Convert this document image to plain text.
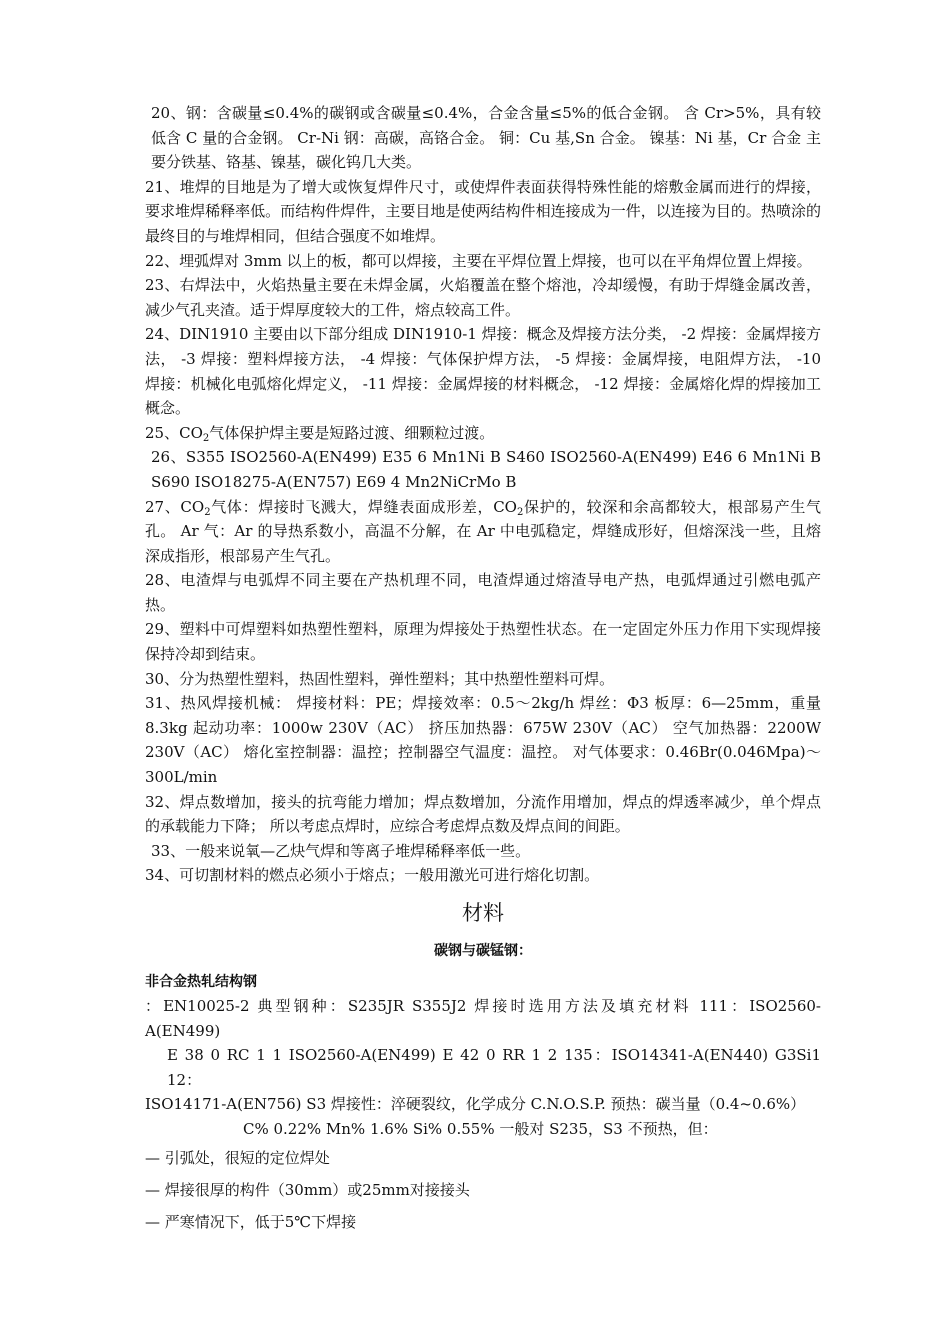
20、钢：含碳量≤0.4%的碳钢或含碳量≤0.4%，合金含量≤5%的低合金钢。 含 Cr>5%，具有较低含 C 量的合金钢。 Cr-Ni 钢：高碳，高铬合金。 铜：Cu 基,Sn 合金。 镍基：Ni 基，Cr 合金 主要分铁基、铬基、镍基，碳化钨几大类。

21、堆焊的目地是为了增大或恢复焊件尺寸，或使焊件表面获得特殊性能的熔敷金属而进行的焊接，要求堆焊稀释率低。而结构件焊件，主要目地是使两结构件相连接成为一件，以连接为目的。热喷涂的最终目的与堆焊相同，但结合强度不如堆焊。

22、埋弧焊对 3mm 以上的板，都可以焊接，主要在平焊位置上焊接，也可以在平角焊位置上焊接。

23、右焊法中，火焰热量主要在未焊金属，火焰覆盖在整个熔池，冷却缓慢，有助于焊缝金属改善，减少气孔夹渣。适于焊厚度较大的工件，熔点较高工件。

24、DIN1910 主要由以下部分组成 DIN1910-1 焊接：概念及焊接方法分类， -2 焊接：金属焊接方法， -3 焊接：塑料焊接方法， -4 焊接：气体保护焊方法， -5 焊接：金属焊接，电阻焊方法， -10 焊接：机械化电弧熔化焊定义， -11 焊接：金属焊接的材料概念， -12 焊接：金属熔化焊的焊接加工概念。

25、$CO_2$气体保护焊主要是短路过渡、细颗粒过渡。

26、S355 ISO2560-A(EN499) E35 6 Mn1Ni B S460 ISO2560-A(EN499) E46 6 Mn1Ni B S690 ISO18275-A(EN757) E69 4 Mn2NiCrMo B

27、$CO_2$气体：焊接时飞溅大，焊缝表面成形差，$CO_2$保护的，较深和余高都较大，根部易产生气孔。 Ar 气：Ar 的导热系数小，高温不分解，在 Ar 中电弧稳定，焊缝成形好，但熔深浅一些，且熔深成指形，根部易产生气孔。

28、电渣焊与电弧焊不同主要在产热机理不同，电渣焊通过熔渣导电产热，电弧焊通过引燃电弧产热。

29、塑料中可焊塑料如热塑性塑料，原理为焊接处于热塑性状态。在一定固定外压力作用下实现焊接保持冷却到结束。

30、分为热塑性塑料，热固性塑料，弹性塑料；其中热塑性塑料可焊。

31、热风焊接机械： 焊接材料：PE；焊接效率：0.5～2kg/h 焊丝：Φ3 板厚：6—25mm，重量 8.3kg 起动功率：1000w 230V（AC） 挤压加热器：675W 230V（AC） 空气加热器：2200W 230V（AC） 熔化室控制器：温控；控制器空气温度：温控。 对气体要求：0.46Br(0.046Mpa)～300L/min

32、焊点数增加，接头的抗弯能力增加；焊点数增加，分流作用增加，焊点的焊透率减少，单个焊点的承载能力下降； 所以考虑点焊时，应综合考虑焊点数及焊点间的间距。

33、一般来说氧—乙炔气焊和等离子堆焊稀释率低一些。

34、可切割材料的燃点必须小于熔点；一般用激光可进行熔化切割。

材料
碳钢与碳锰钢：

非合金热轧结构钢

：EN10025-2 典型钢种：S235JR S355J2 焊接时选用方法及填充材料 111：ISO2560-A(EN499)

E 38 0 RC 1 1 ISO2560-A(EN499) E 42 0 RR 1 2 135：ISO14341-A(EN440) G3Si1 12：

ISO14171-A(EN756) S3 焊接性：淬硬裂纹，化学成分 C.N.O.S.P. 预热：碳当量（0.4~0.6%）

C% 0.22% Mn% 1.6% Si% 0.55% 一般对 S235，S3 不预热，但：

— 引弧处，很短的定位焊处

— 焊接很厚的构件（30mm）或25mm对接接头

— 严寒情况下，低于5℃下焊接
